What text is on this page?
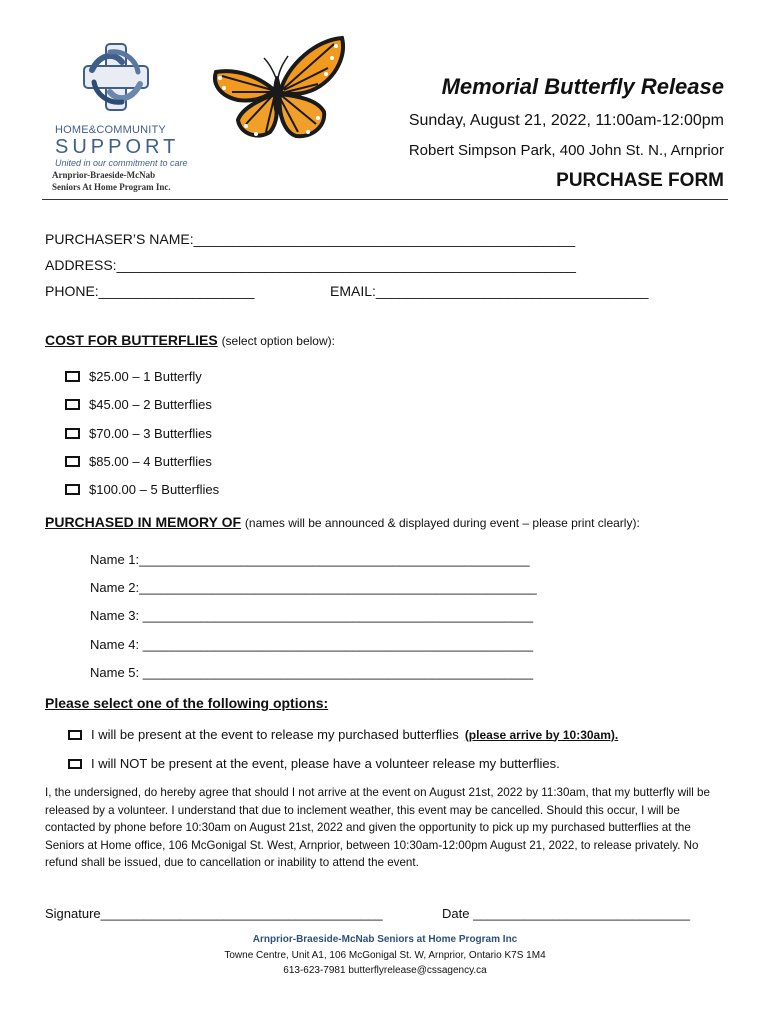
HOME&COMMUNITY
SUPPORT
United in our commitment to care
Arnprior-Braeside-McNab
Seniors At Home Program Inc.
Memorial Butterfly Release
Sunday, August 21, 2022, 11:00am-12:00pm
Robert Simpson Park, 400 John St. N., Arnprior
PURCHASE FORM
PURCHASER’S NAME:_________________________________________________
ADDRESS:___________________________________________________________
PHONE:____________________	EMAIL:___________________________________
COST FOR BUTTERFLIES (select option below):
$25.00 – 1 Butterfly
$45.00 – 2 Butterflies
$70.00 – 3 Butterflies
$85.00 – 4 Butterflies
$100.00 – 5 Butterflies
PURCHASED IN MEMORY OF (names will be announced & displayed during event – please print clearly):
Name 1:______________________________________________________
Name 2:_______________________________________________________
Name 3: ______________________________________________________
Name 4: ______________________________________________________
Name 5: ______________________________________________________
Please select one of the following options:
I will be present at the event to release my purchased butterflies (please arrive by 10:30am).
I will NOT be present at the event, please have a volunteer release my butterflies.
I, the undersigned, do hereby agree that should I not arrive at the event on August 21st, 2022 by 11:30am, that my butterfly will be released by a volunteer. I understand that due to inclement weather, this event may be cancelled. Should this occur, I will be contacted by phone before 10:30am on August 21st, 2022 and given the opportunity to pick up my purchased butterflies at the Seniors at Home office, 106 McGonigal St. West, Arnprior, between 10:30am-12:00pm August 21, 2022, to release privately. No refund shall be issued, due to cancellation or inability to attend the event.
Signature_______________________________________	Date ______________________________
Arnprior-Braeside-McNab Seniors at Home Program Inc
Towne Centre, Unit A1, 106 McGonigal St. W, Arnprior, Ontario K7S 1M4
613-623-7981 butterflyrelease@cssagency.ca
